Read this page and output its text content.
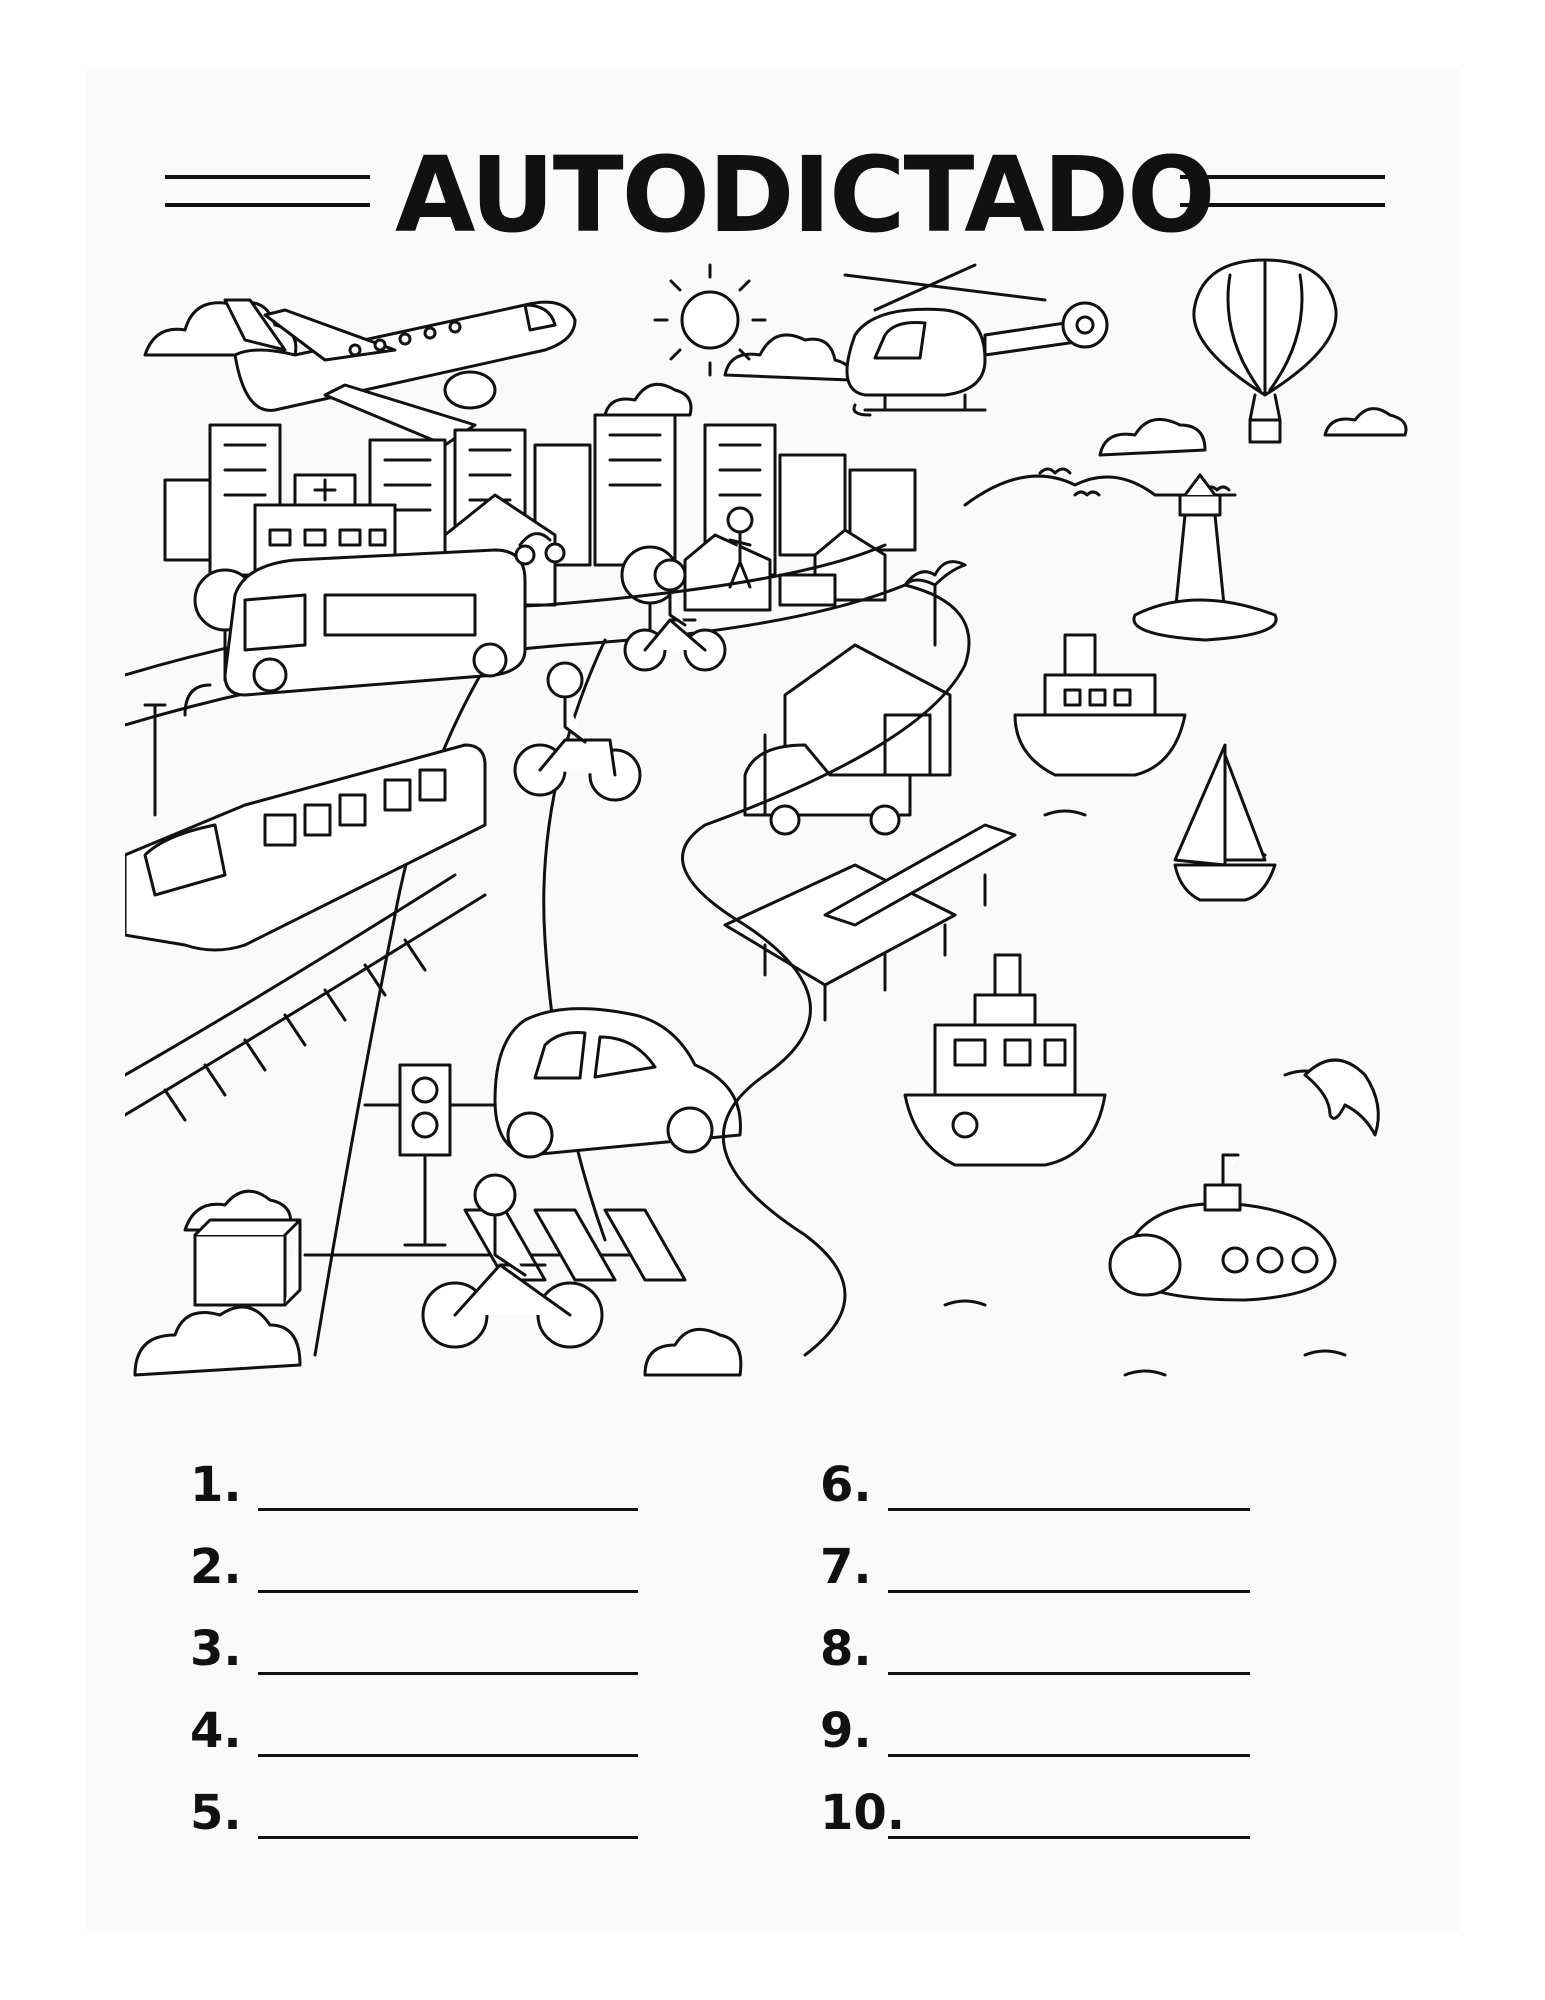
AUTODICTADO
1.
2.
3.
4.
5.
6.
7.
8.
9.
10.
